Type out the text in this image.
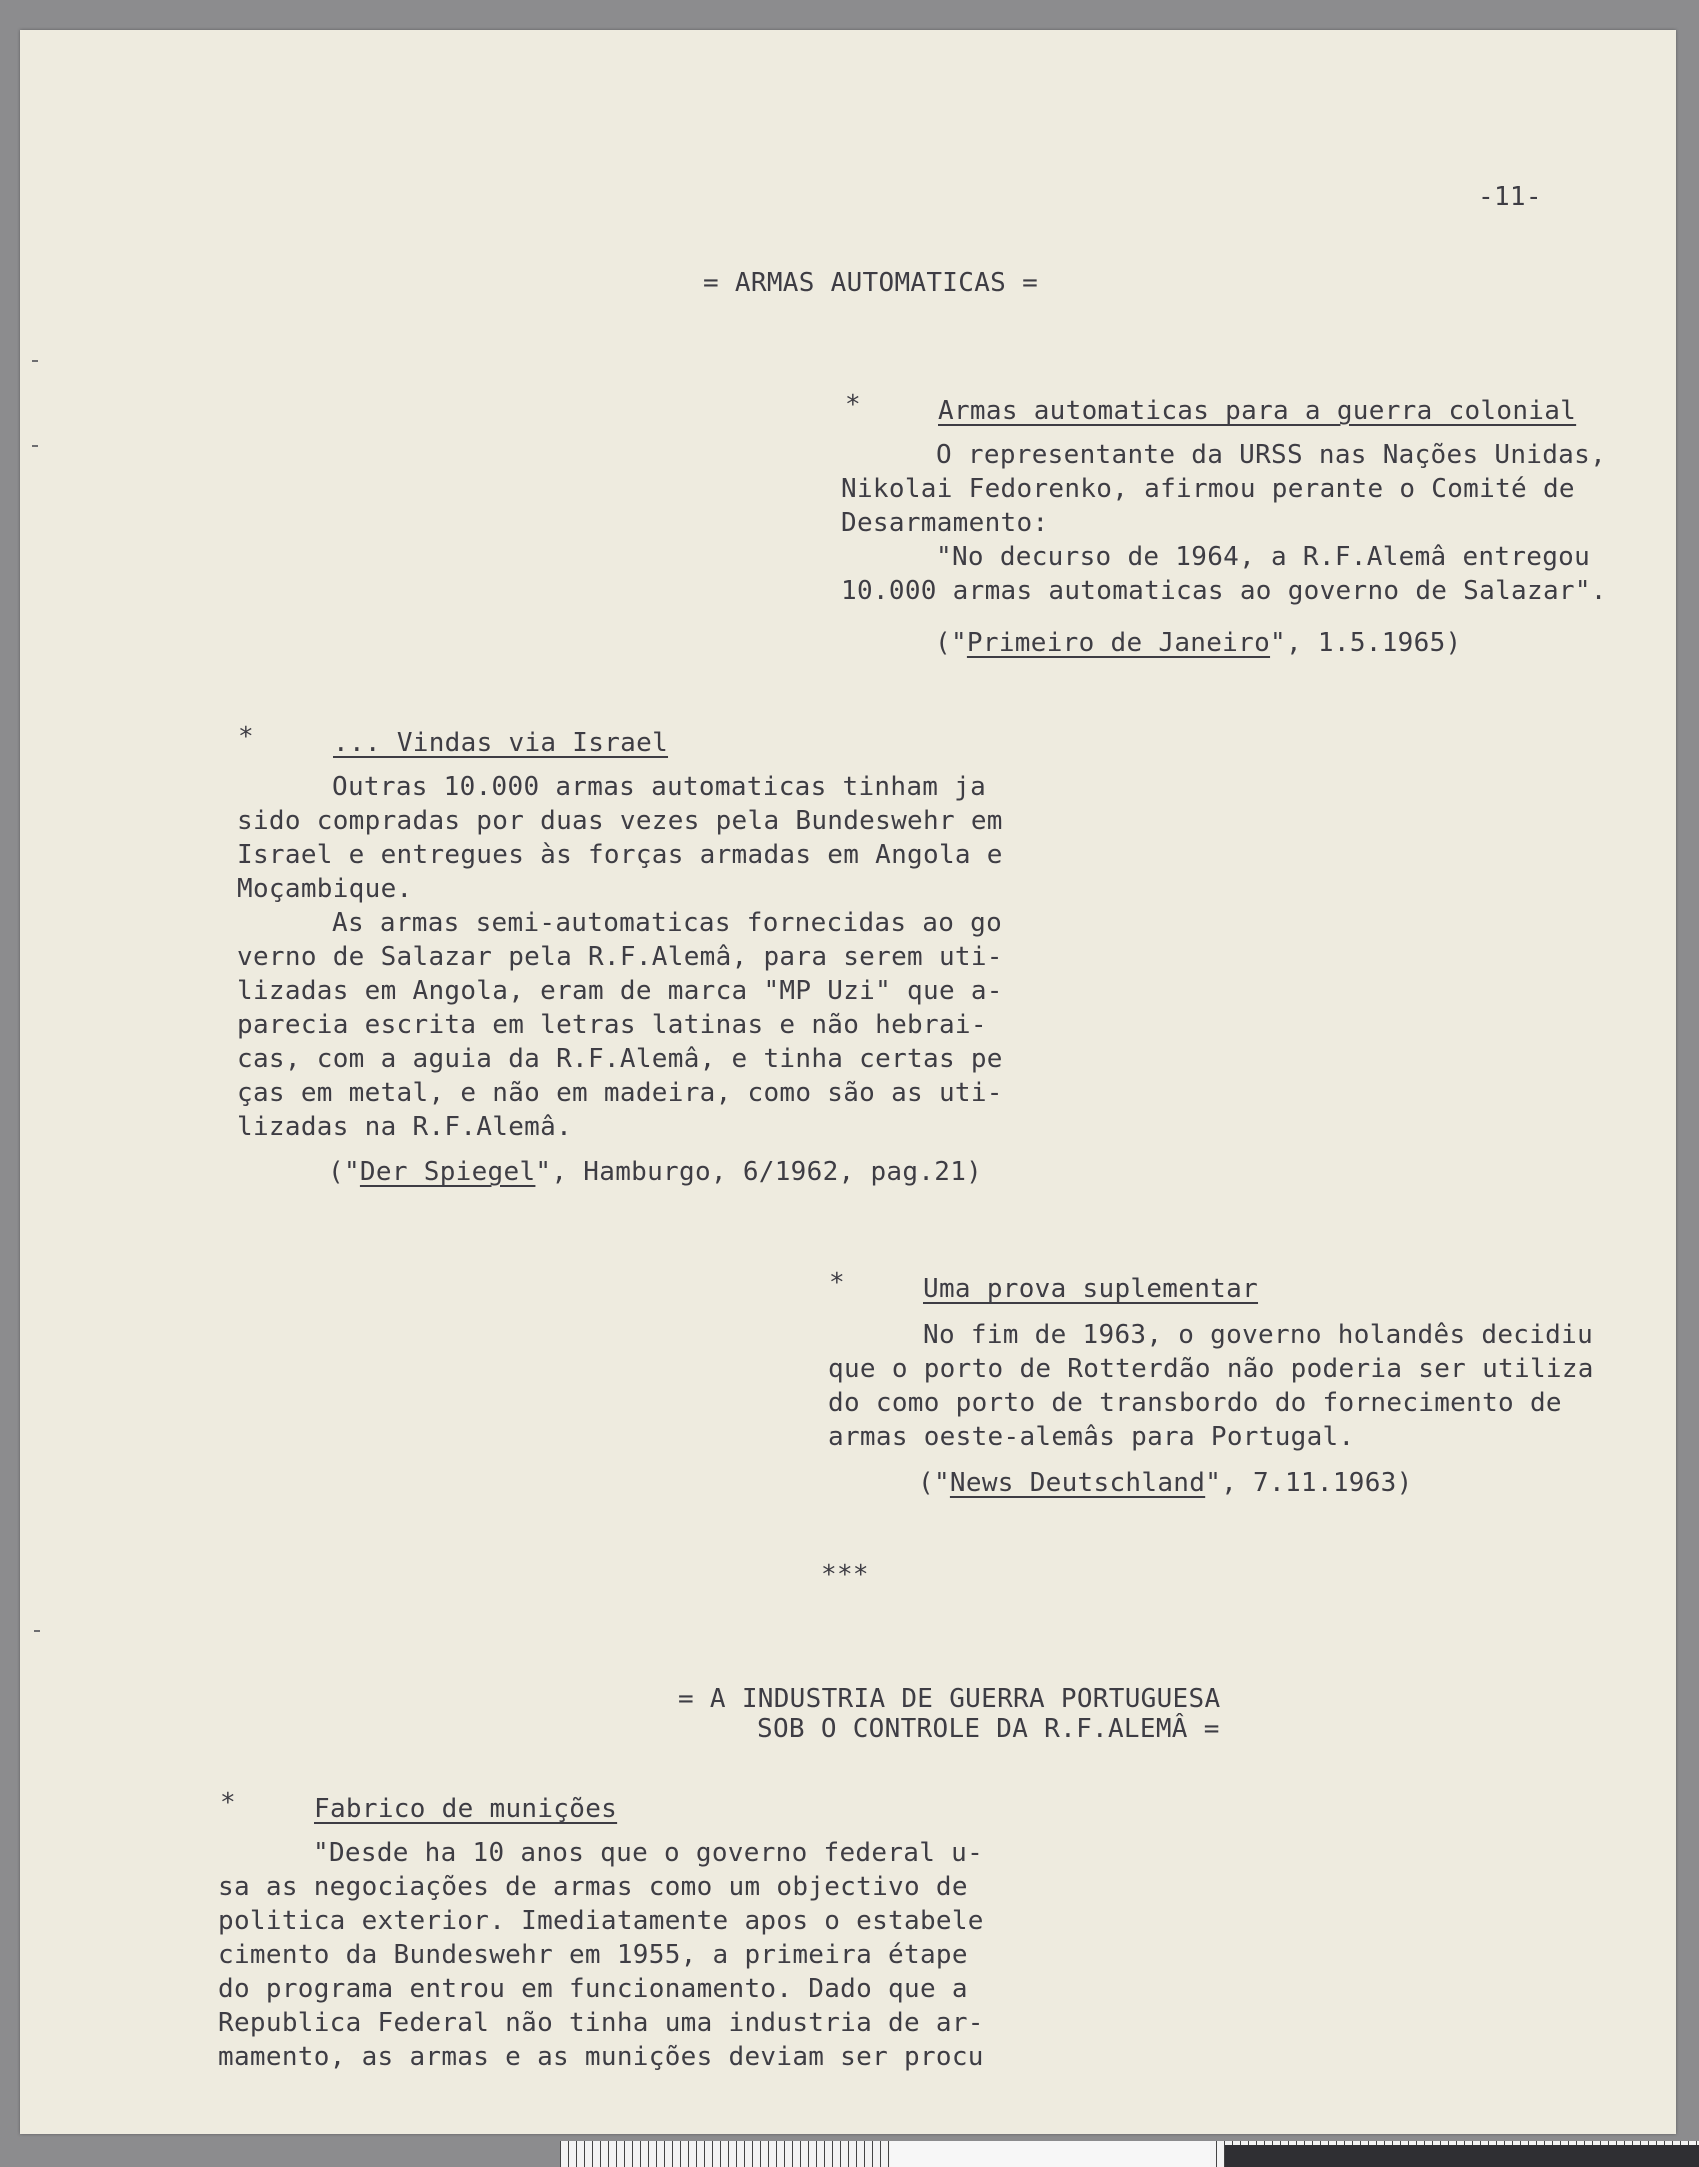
-11-
= ARMAS AUTOMATICAS =
*	Armas automaticas para a guerra colonial
O representante da URSS nas Nações Unidas,
Nikolai Fedorenko, afirmou perante o Comité de
Desarmamento:
"No decurso de 1964, a R.F.Alemâ entregou
10.000 armas automaticas ao governo de Salazar".
("Primeiro de Janeiro", 1.5.1965)
*	... Vindas via Israel
Outras 10.000 armas automaticas tinham ja
sido compradas por duas vezes pela Bundeswehr em
Israel e entregues às forças armadas em Angola e
Moçambique.
As armas semi-automaticas fornecidas ao go
verno de Salazar pela R.F.Alemâ, para serem uti-
lizadas em Angola, eram de marca "MP Uzi" que a-
parecia escrita em letras latinas e não hebrai-
cas, com a aguia da R.F.Alemâ, e tinha certas pe
ças em metal, e não em madeira, como são as uti-
lizadas na R.F.Alemâ.
("Der Spiegel", Hamburgo, 6/1962, pag.21)
*	Uma prova suplementar
No fim de 1963, o governo holandês decidiu
que o porto de Rotterdão não poderia ser utiliza
do como porto de transbordo do fornecimento de
armas oeste-alemâs para Portugal.
("News Deutschland", 7.11.1963)
***
= A INDUSTRIA DE GUERRA PORTUGUESA
SOB O CONTROLE DA R.F.ALEMÂ =
*	Fabrico de munições
"Desde ha 10 anos que o governo federal u-
sa as negociações de armas como um objectivo de
politica exterior. Imediatamente apos o estabele
cimento da Bundeswehr em 1955, a primeira étape
do programa entrou em funcionamento. Dado que a
Republica Federal não tinha uma industria de ar-
mamento, as armas e as munições deviam ser procu
